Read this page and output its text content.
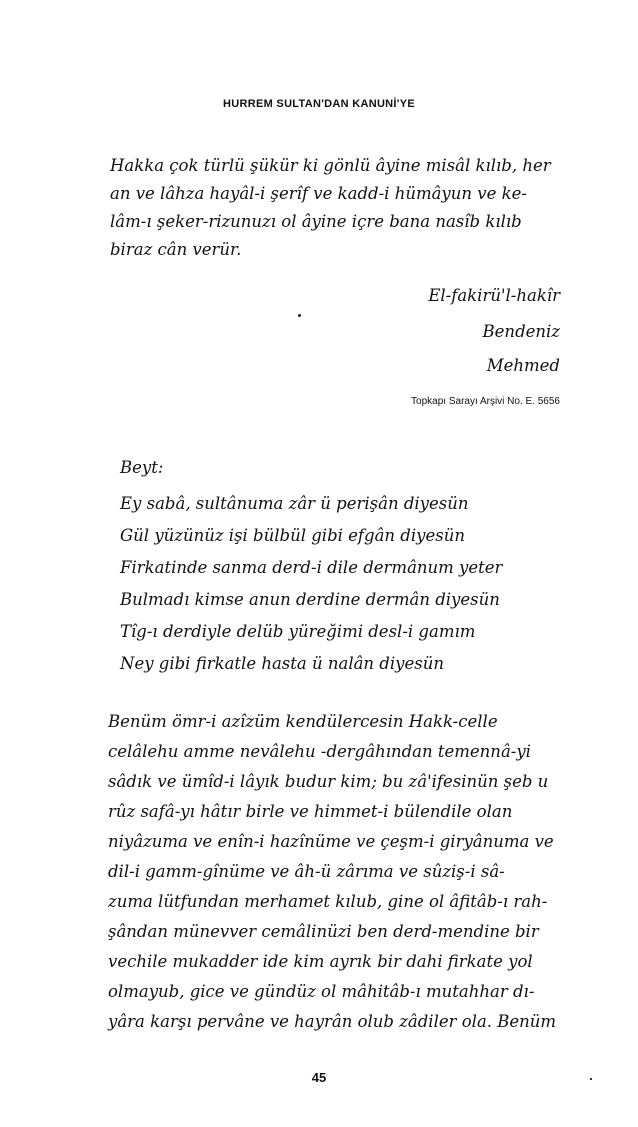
HURREM SULTAN'DAN KANUNİ'YE
Hakka çok türlü şükür ki gönlü âyine misâl kılıb, her
an ve lâhza hayâl-i şerîf ve kadd-i hümâyun ve ke-
lâm-ı şeker-rizunuzı ol âyine içre bana nasîb kılıb
biraz cân verür.
El-fakirü'l-hakîr
Bendeniz
Mehmed
Topkapı Sarayı Arşivi No. E. 5656
Beyt:
Ey sabâ, sultânuma zâr ü perişân diyesün
Gül yüzünüz işi bülbül gibi efgân diyesün
Firkatinde sanma derd-i dile dermânum yeter
Bulmadı kimse anun derdine dermân diyesün
Tîg-ı derdiyle delüb yüreğimi desl-i gamım
Ney gibi firkatle hasta ü nalân diyesün
Benüm ömr-i azîzüm kendülercesin Hakk-celle
celâlehu amme nevâlehu -dergâhından temennâ-yi
sâdık ve ümîd-i lâyık budur kim; bu zâ'ifesinün şeb u
rûz safâ-yı hâtır birle ve himmet-i bülendile olan
niyâzuma ve enîn-i hazînüme ve çeşm-i giryânuma ve
dil-i gamm-gînüme ve âh-ü zârıma ve sûziş-i sâ-
zuma lütfundan merhamet kılub, gine ol âfitâb-ı rah-
şândan münevver cemâlinüzi ben derd-mendine bir
vechile mukadder ide kim ayrık bir dahi firkate yol
olmayub, gice ve gündüz ol mâhitâb-ı mutahhar dı-
yâra karşı pervâne ve hayrân olub zâdiler ola. Benüm
45
